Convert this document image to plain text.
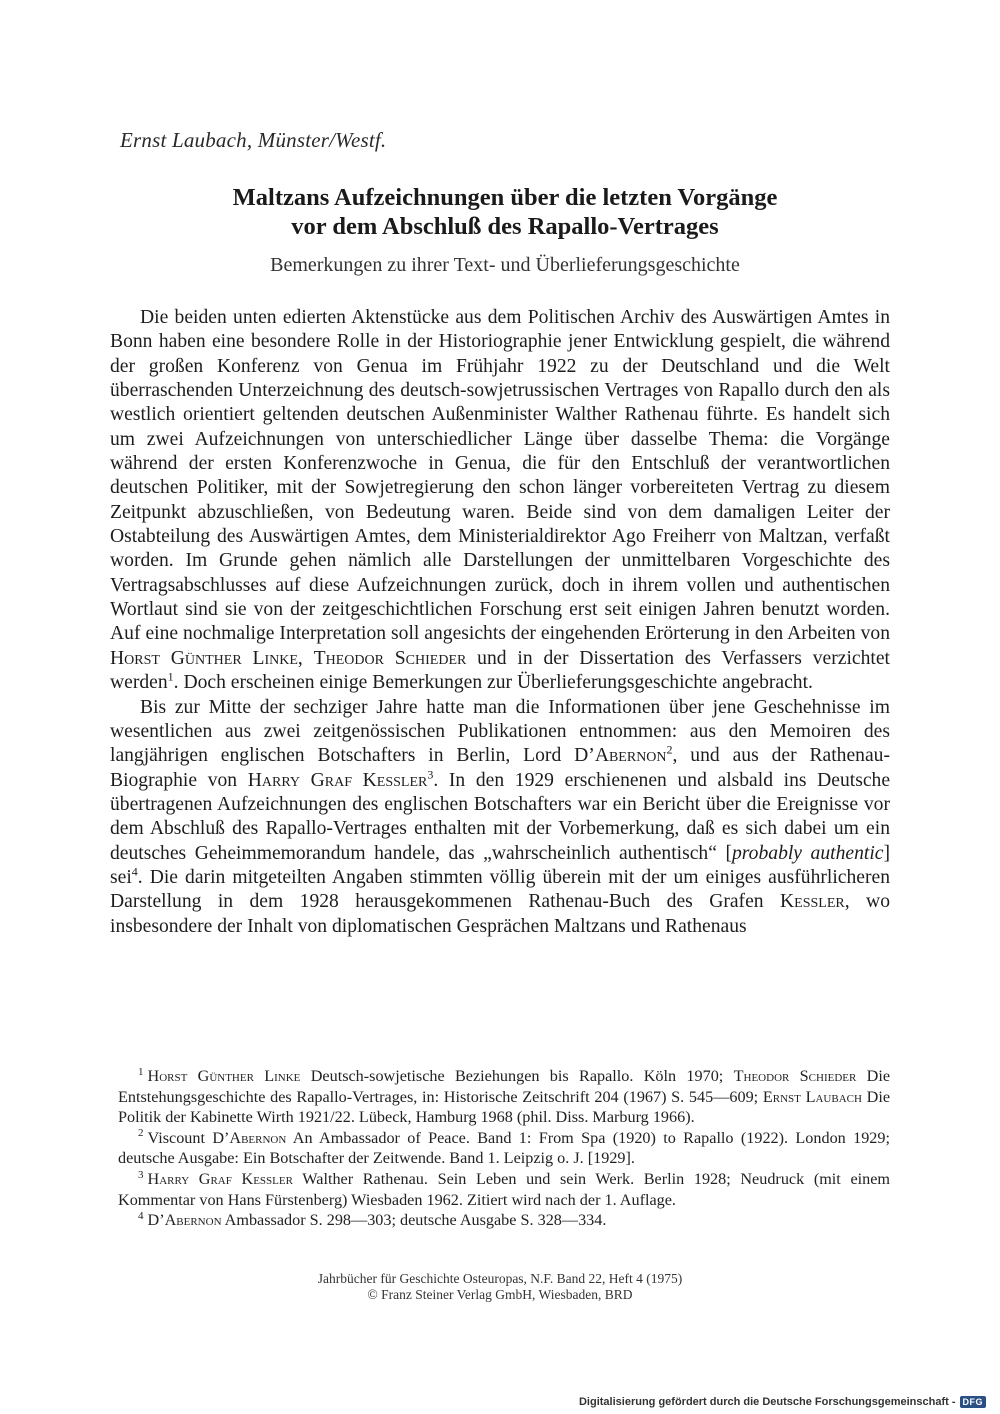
Ernst Laubach, Münster/Westf.
Maltzans Aufzeichnungen über die letzten Vorgänge
vor dem Abschluß des Rapallo-Vertrages
Bemerkungen zu ihrer Text- und Überlieferungsgeschichte

Die beiden unten edierten Aktenstücke aus dem Politischen Archiv des Auswärtigen Amtes in Bonn haben eine besondere Rolle in der Historiographie jener Entwicklung gespielt, die während der großen Konferenz von Genua im Frühjahr 1922 zu der Deutschland und die Welt überraschenden Unterzeichnung des deutsch-sowjetrussischen Vertrages von Rapallo durch den als westlich orientiert geltenden deutschen Außenminister Walther Rathenau führte. Es handelt sich um zwei Aufzeichnungen von unterschiedlicher Länge über dasselbe Thema: die Vorgänge während der ersten Konferenzwoche in Genua, die für den Entschluß der verantwortlichen deutschen Politiker, mit der Sowjetregierung den schon länger vorbereiteten Vertrag zu diesem Zeitpunkt abzuschließen, von Bedeutung waren. Beide sind von dem damaligen Leiter der Ostabteilung des Auswärtigen Amtes, dem Ministerialdirektor Ago Freiherr von Maltzan, verfaßt worden. Im Grunde gehen nämlich alle Darstellungen der unmittelbaren Vorgeschichte des Vertragsabschlusses auf diese Aufzeichnungen zurück, doch in ihrem vollen und authentischen Wortlaut sind sie von der zeitgeschichtlichen Forschung erst seit einigen Jahren benutzt worden. Auf eine nochmalige Interpretation soll angesichts der eingehenden Erörterung in den Arbeiten von Horst Günther Linke, Theodor Schieder und in der Dissertation des Verfassers verzichtet werden$^1$. Doch erscheinen einige Bemerkungen zur Überlieferungsgeschichte angebracht.

Bis zur Mitte der sechziger Jahre hatte man die Informationen über jene Geschehnisse im wesentlichen aus zwei zeitgenössischen Publikationen entnommen: aus den Memoiren des langjährigen englischen Botschafters in Berlin, Lord D’Abernon$^2$, und aus der Rathenau-Biographie von Harry Graf Kessler$^3$. In den 1929 erschienenen und alsbald ins Deutsche übertragenen Aufzeichnungen des englischen Botschafters war ein Bericht über die Ereignisse vor dem Abschluß des Rapallo-Vertrages enthalten mit der Vorbemerkung, daß es sich dabei um ein deutsches Geheimmemorandum handele, das „wahrscheinlich authentisch“ [probably authentic] sei$^4$. Die darin mitgeteilten Angaben stimmten völlig überein mit der um einiges ausführlicheren Darstellung in dem 1928 herausgekommenen Rathenau-Buch des Grafen Kessler, wo insbesondere der Inhalt von diplomatischen Gesprächen Maltzans und Rathenaus

$^1$ Horst Günther Linke Deutsch-sowjetische Beziehungen bis Rapallo. Köln 1970; Theodor Schieder Die Entstehungsgeschichte des Rapallo-Vertrages, in: Historische Zeitschrift 204 (1967) S. 545—609; Ernst Laubach Die Politik der Kabinette Wirth 1921/22. Lübeck, Hamburg 1968 (phil. Diss. Marburg 1966).

$^2$ Viscount D’Abernon An Ambassador of Peace. Band 1: From Spa (1920) to Rapallo (1922). London 1929; deutsche Ausgabe: Ein Botschafter der Zeitwende. Band 1. Leipzig o. J. [1929].

$^3$ Harry Graf Kessler Walther Rathenau. Sein Leben und sein Werk. Berlin 1928; Neudruck (mit einem Kommentar von Hans Fürstenberg) Wiesbaden 1962. Zitiert wird nach der 1. Auflage.

$^4$ D’Abernon Ambassador S. 298—303; deutsche Ausgabe S. 328—334.

Jahrbücher für Geschichte Osteuropas, N.F. Band 22, Heft 4 (1975)
© Franz Steiner Verlag GmbH, Wiesbaden, BRD
Digitalisierung gefördert durch die Deutsche Forschungsgemeinschaft - DFG
